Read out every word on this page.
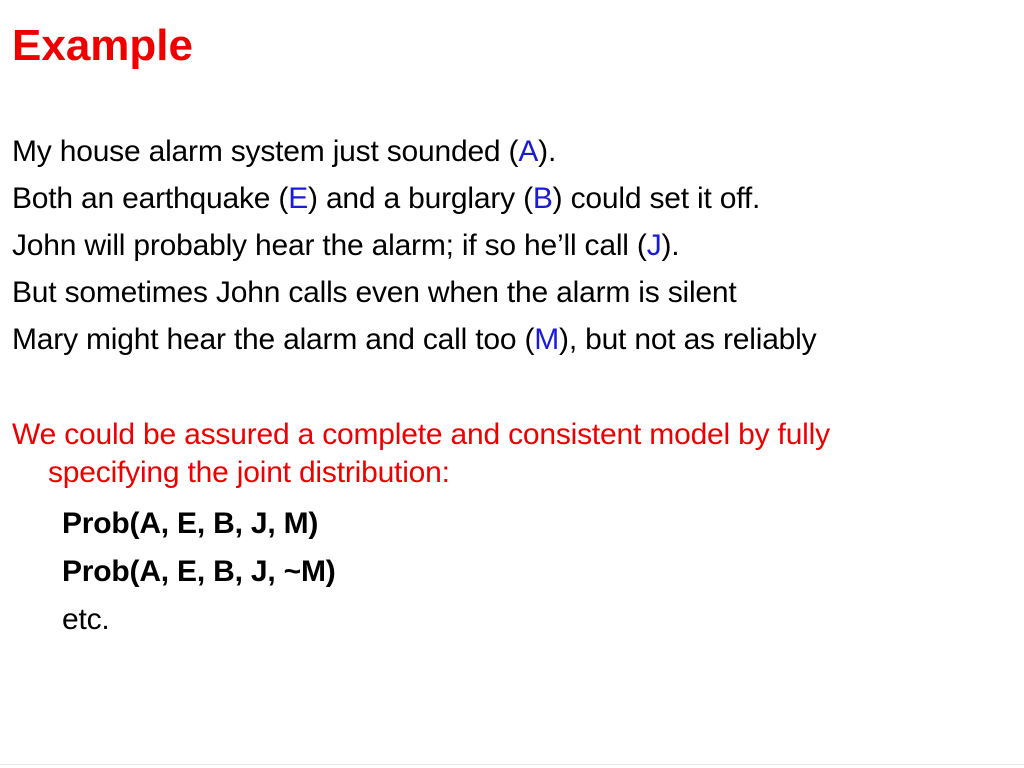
Example
My house alarm system just sounded (A).
Both an earthquake (E) and a burglary (B) could set it off.
John will probably hear the alarm; if so he’ll call (J).
But sometimes John calls even when the alarm is silent
Mary might hear the alarm and call too (M), but not as reliably
We could be assured a complete and consistent model by fully
specifying the joint distribution:
Prob(A, E, B, J, M)
Prob(A, E, B, J, ~M)
etc.
